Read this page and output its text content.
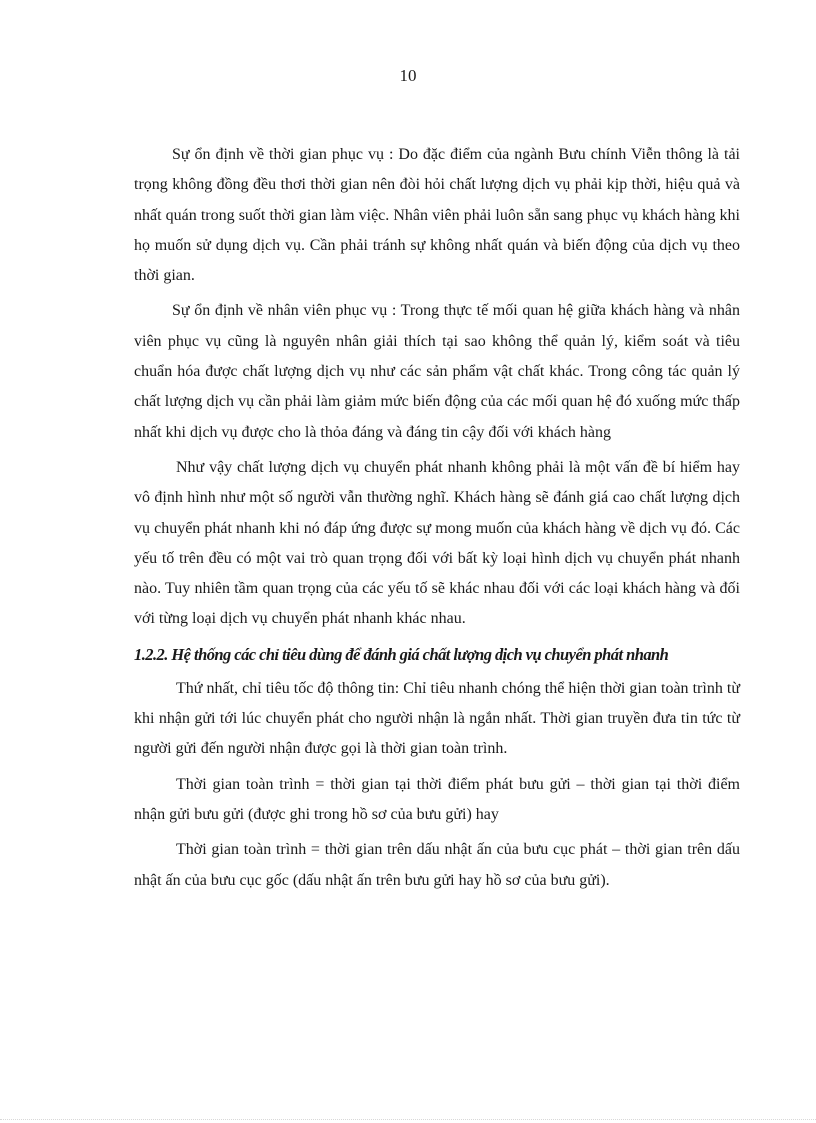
10

Sự ổn định về thời gian phục vụ : Do đặc điểm của ngành Bưu chính Viễn thông là tải trọng không đồng đều thơi thời gian nên đòi hỏi chất lượng dịch vụ phải kịp thời, hiệu quả và nhất quán trong suốt thời gian làm việc. Nhân viên phải luôn sẵn sang phục vụ khách hàng khi họ muốn sử dụng dịch vụ. Cần phải tránh sự không nhất quán và biến động của dịch vụ theo thời gian.

Sự ổn định về nhân viên phục vụ : Trong thực tế mối quan hệ giữa khách hàng và nhân viên phục vụ cũng là nguyên nhân giải thích tại sao không thể quản lý, kiểm soát và tiêu chuẩn hóa được chất lượng dịch vụ như các sản phẩm vật chất khác. Trong công tác quản lý chất lượng dịch vụ cần phải làm giảm mức biến động của các mối quan hệ đó xuống mức thấp nhất khi dịch vụ được cho là thỏa đáng và đáng tin cậy đối với khách hàng

Như vậy chất lượng dịch vụ chuyển phát nhanh không phải là một vấn đề bí hiểm hay vô định hình như một số người vẫn thường nghĩ. Khách hàng sẽ đánh giá cao chất lượng dịch vụ chuyển phát nhanh khi nó đáp ứng được sự mong muốn của khách hàng về dịch vụ đó. Các yếu tố trên đều có một vai trò quan trọng đối với bất kỳ loại hình dịch vụ chuyển phát nhanh nào. Tuy nhiên tầm quan trọng của các yếu tố sẽ khác nhau đối với các loại khách hàng và đối với từng loại dịch vụ chuyển phát nhanh khác nhau.

1.2.2. Hệ thống các chỉ tiêu dùng để đánh giá chất lượng dịch vụ chuyển phát nhanh

Thứ nhất, chỉ tiêu tốc độ thông tin: Chỉ tiêu nhanh chóng thể hiện thời gian toàn trình từ khi nhận gửi tới lúc chuyển phát cho người nhận là ngắn nhất. Thời gian truyền đưa tin tức từ người gửi đến người nhận được gọi là thời gian toàn trình.

Thời gian toàn trình = thời gian tại thời điểm phát bưu gửi – thời gian tại thời điểm nhận gửi bưu gửi (được ghi trong hồ sơ của bưu gửi) hay

Thời gian toàn trình = thời gian trên dấu nhật ấn của bưu cục phát – thời gian trên dấu nhật ấn của bưu cục gốc (dấu nhật ấn trên bưu gửi hay hồ sơ của bưu gửi).
